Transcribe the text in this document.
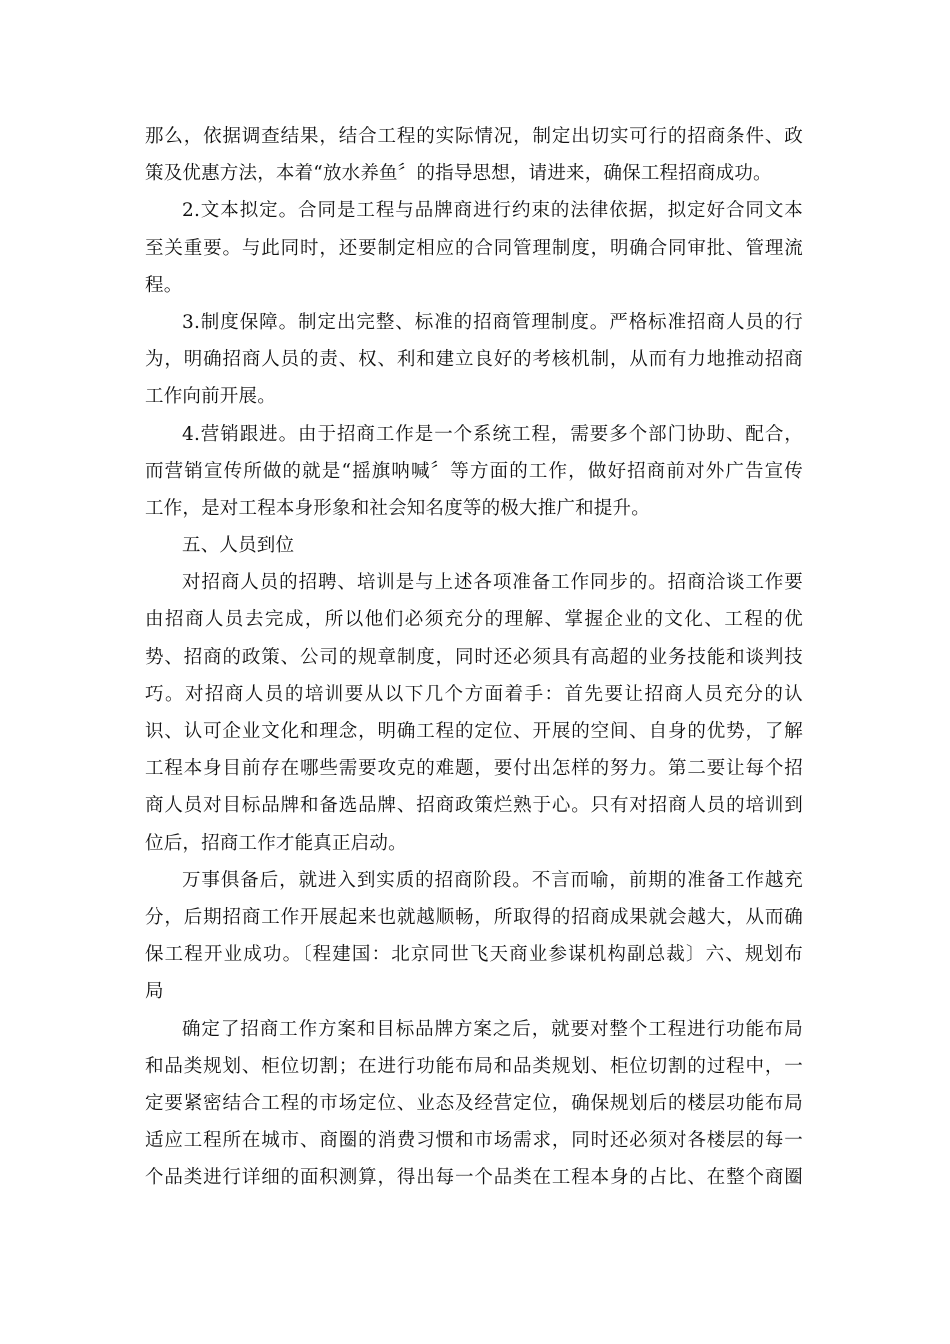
那么，依据调查结果，结合工程的实际情况，制定出切实可行的招商条件、政
策及优惠方法，本着“放水养鱼〞的指导思想，请进来，确保工程招商成功。
2.文本拟定。合同是工程与品牌商进行约束的法律依据，拟定好合同文本
至关重要。与此同时，还要制定相应的合同管理制度，明确合同审批、管理流
程。
3.制度保障。制定出完整、标准的招商管理制度。严格标准招商人员的行
为，明确招商人员的责、权、利和建立良好的考核机制，从而有力地推动招商
工作向前开展。
4.营销跟进。由于招商工作是一个系统工程，需要多个部门协助、配合，
而营销宣传所做的就是“摇旗呐喊〞等方面的工作，做好招商前对外广告宣传
工作，是对工程本身形象和社会知名度等的极大推广和提升。
五、人员到位
对招商人员的招聘、培训是与上述各项准备工作同步的。招商洽谈工作要
由招商人员去完成，所以他们必须充分的理解、掌握企业的文化、工程的优
势、招商的政策、公司的规章制度，同时还必须具有高超的业务技能和谈判技
巧。对招商人员的培训要从以下几个方面着手：首先要让招商人员充分的认
识、认可企业文化和理念，明确工程的定位、开展的空间、自身的优势，了解
工程本身目前存在哪些需要攻克的难题，要付出怎样的努力。第二要让每个招
商人员对目标品牌和备选品牌、招商政策烂熟于心。只有对招商人员的培训到
位后，招商工作才能真正启动。
万事俱备后，就进入到实质的招商阶段。不言而喻，前期的准备工作越充
分，后期招商工作开展起来也就越顺畅，所取得的招商成果就会越大，从而确
保工程开业成功。〔程建国：北京同世飞天商业参谋机构副总裁〕六、规划布
局
确定了招商工作方案和目标品牌方案之后，就要对整个工程进行功能布局
和品类规划、柜位切割；在进行功能布局和品类规划、柜位切割的过程中，一
定要紧密结合工程的市场定位、业态及经营定位，确保规划后的楼层功能布局
适应工程所在城市、商圈的消费习惯和市场需求，同时还必须对各楼层的每一
个品类进行详细的面积测算，得出每一个品类在工程本身的占比、在整个商圈
